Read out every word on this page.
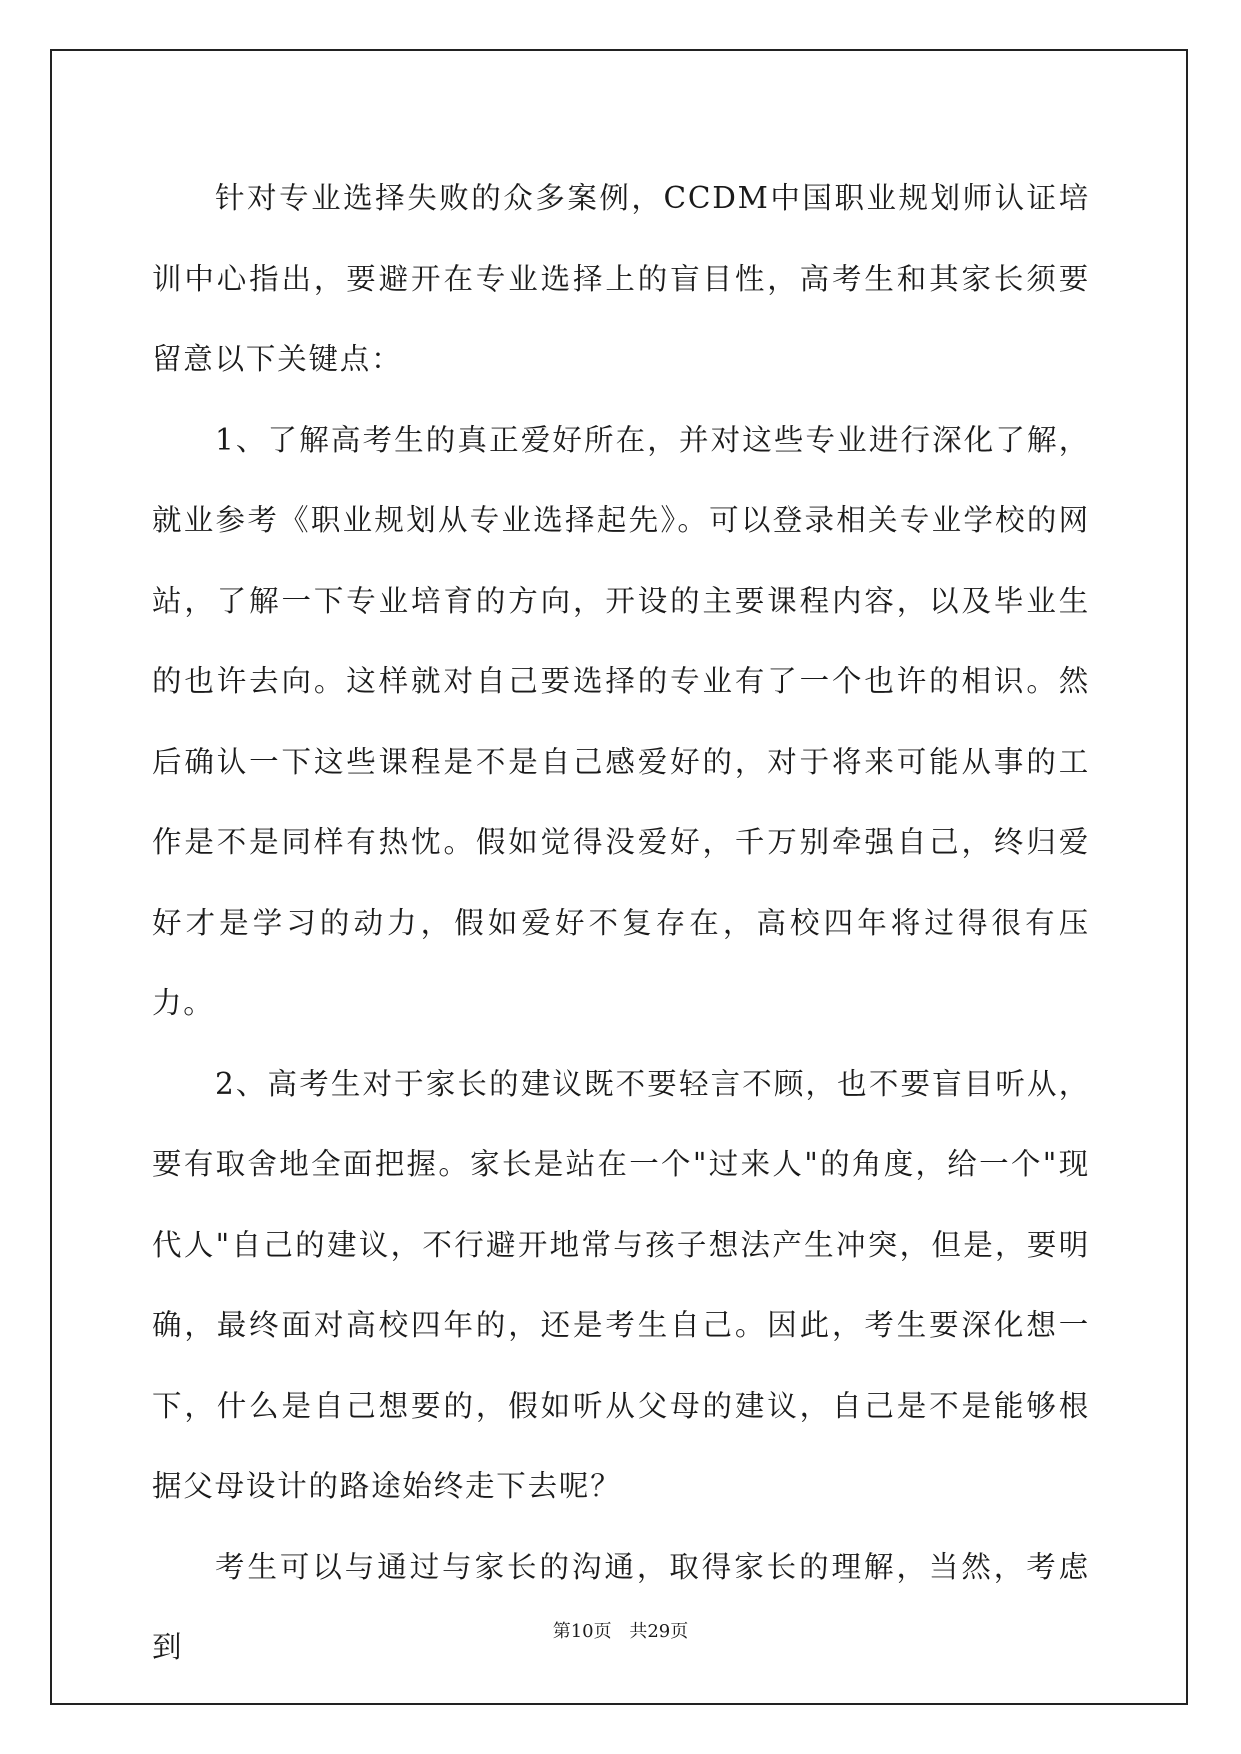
针对专业选择失败的众多案例，CCDM中国职业规划师认证培训中心指出，要避开在专业选择上的盲目性，高考生和其家长须要留意以下关键点：

1、了解高考生的真正爱好所在，并对这些专业进行深化了解，就业参考《职业规划从专业选择起先》。可以登录相关专业学校的网站，了解一下专业培育的方向，开设的主要课程内容，以及毕业生的也许去向。这样就对自己要选择的专业有了一个也许的相识。然后确认一下这些课程是不是自己感爱好的，对于将来可能从事的工作是不是同样有热忱。假如觉得没爱好，千万别牵强自己，终归爱好才是学习的动力，假如爱好不复存在，高校四年将过得很有压力。

2、高考生对于家长的建议既不要轻言不顾，也不要盲目听从，要有取舍地全面把握。家长是站在一个"过来人"的角度，给一个"现代人"自己的建议，不行避开地常与孩子想法产生冲突，但是，要明确，最终面对高校四年的，还是考生自己。因此，考生要深化想一下，什么是自己想要的，假如听从父母的建议，自己是不是能够根据父母设计的路途始终走下去呢？

考生可以与通过与家长的沟通，取得家长的理解，当然，考虑到	第10页 共29页
